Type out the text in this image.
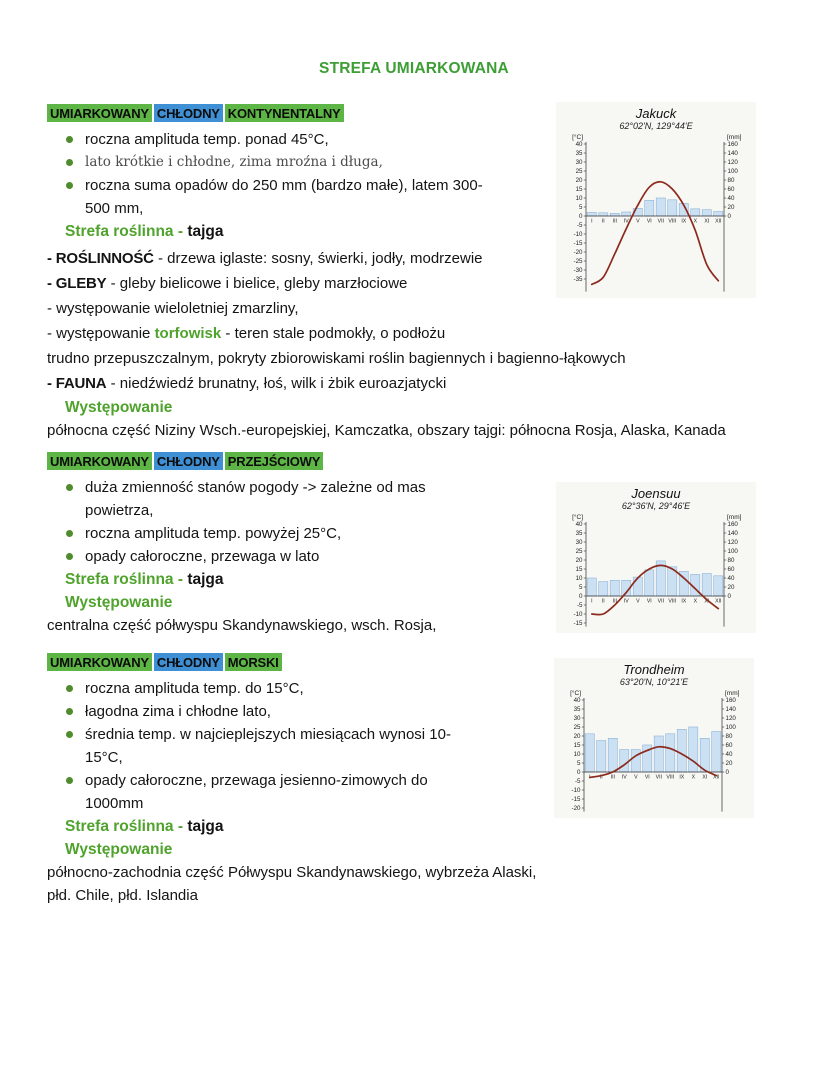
STREFA UMIARKOWANA
UMIARKOWANY CHŁODNY KONTYNENTALNY
roczna amplituda temp. ponad 45°C,
lato krótkie i chłodne, zima mroźna i długa,
roczna suma opadów do 250 mm (bardzo małe), latem 300-500 mm,
Strefa roślinna - tajga
- ROŚLINNOŚĆ - drzewa iglaste: sosny, świerki, jodły, modrzewie
- GLEBY - gleby bielicowe i bielice, gleby marzłociowe
- występowanie wieloletniej zmarzliny,
- występowanie torfowisk - teren stale podmokły, o podłożu
trudno przepuszczalnym, pokryty zbiorowiskami roślin bagiennych i bagienno-łąkowych
- FAUNA - niedźwiedź brunatny, łoś, wilk i żbik euroazjatycki
Występowanie
północna część Niziny Wsch.-europejskiej, Kamczatka, obszary tajgi: północna Rosja, Alaska, Kanada
UMIARKOWANY CHŁODNY PRZEJŚCIOWY
duża zmienność stanów pogody -> zależne od mas powietrza,
roczna amplituda temp. powyżej 25°C,
opady całoroczne, przewaga w lato
Strefa roślinna - tajga
Występowanie
centralna część półwyspu Skandynawskiego, wsch. Rosja,
UMIARKOWANY CHŁODNY MORSKI
roczna amplituda temp. do 15°C,
łagodna zima i chłodne lato,
średnia temp. w najcieplejszych miesiącach wynosi 10-15°C,
opady całoroczne, przewaga jesienno-zimowych do 1000mm
Strefa roślinna - tajga
Występowanie
północno-zachodnia część Półwyspu Skandynawskiego, wybrzeża Alaski, płd. Chile, płd. Islandia
Jakuck
62°02'N, 129°44'E
I II III IV V VI VII VIII IX X XI XII
40
35
30
25
20
15
10
5
0
-5
-10
-15
-20
-25
-30
-35
160
140
120
100
80
60
40
20
0
[°C]	[mm]
Joensuu
62°36'N, 29°46'E
I II III IV V VI VII VIII IX X XI XII
40
35
30
25
20
15
10
5
0
-5
-10
-15
160
140
120
100
80
60
40
20
0
[°C]	[mm]
Trondheim
63°20'N, 10°21'E
I II III IV V VI VII VIII IX X XI XII
40
35
30
25
20
15
10
5
0
-5
-10
-15
-20
160
140
120
100
80
60
40
20
0
[°C]	[mm]
